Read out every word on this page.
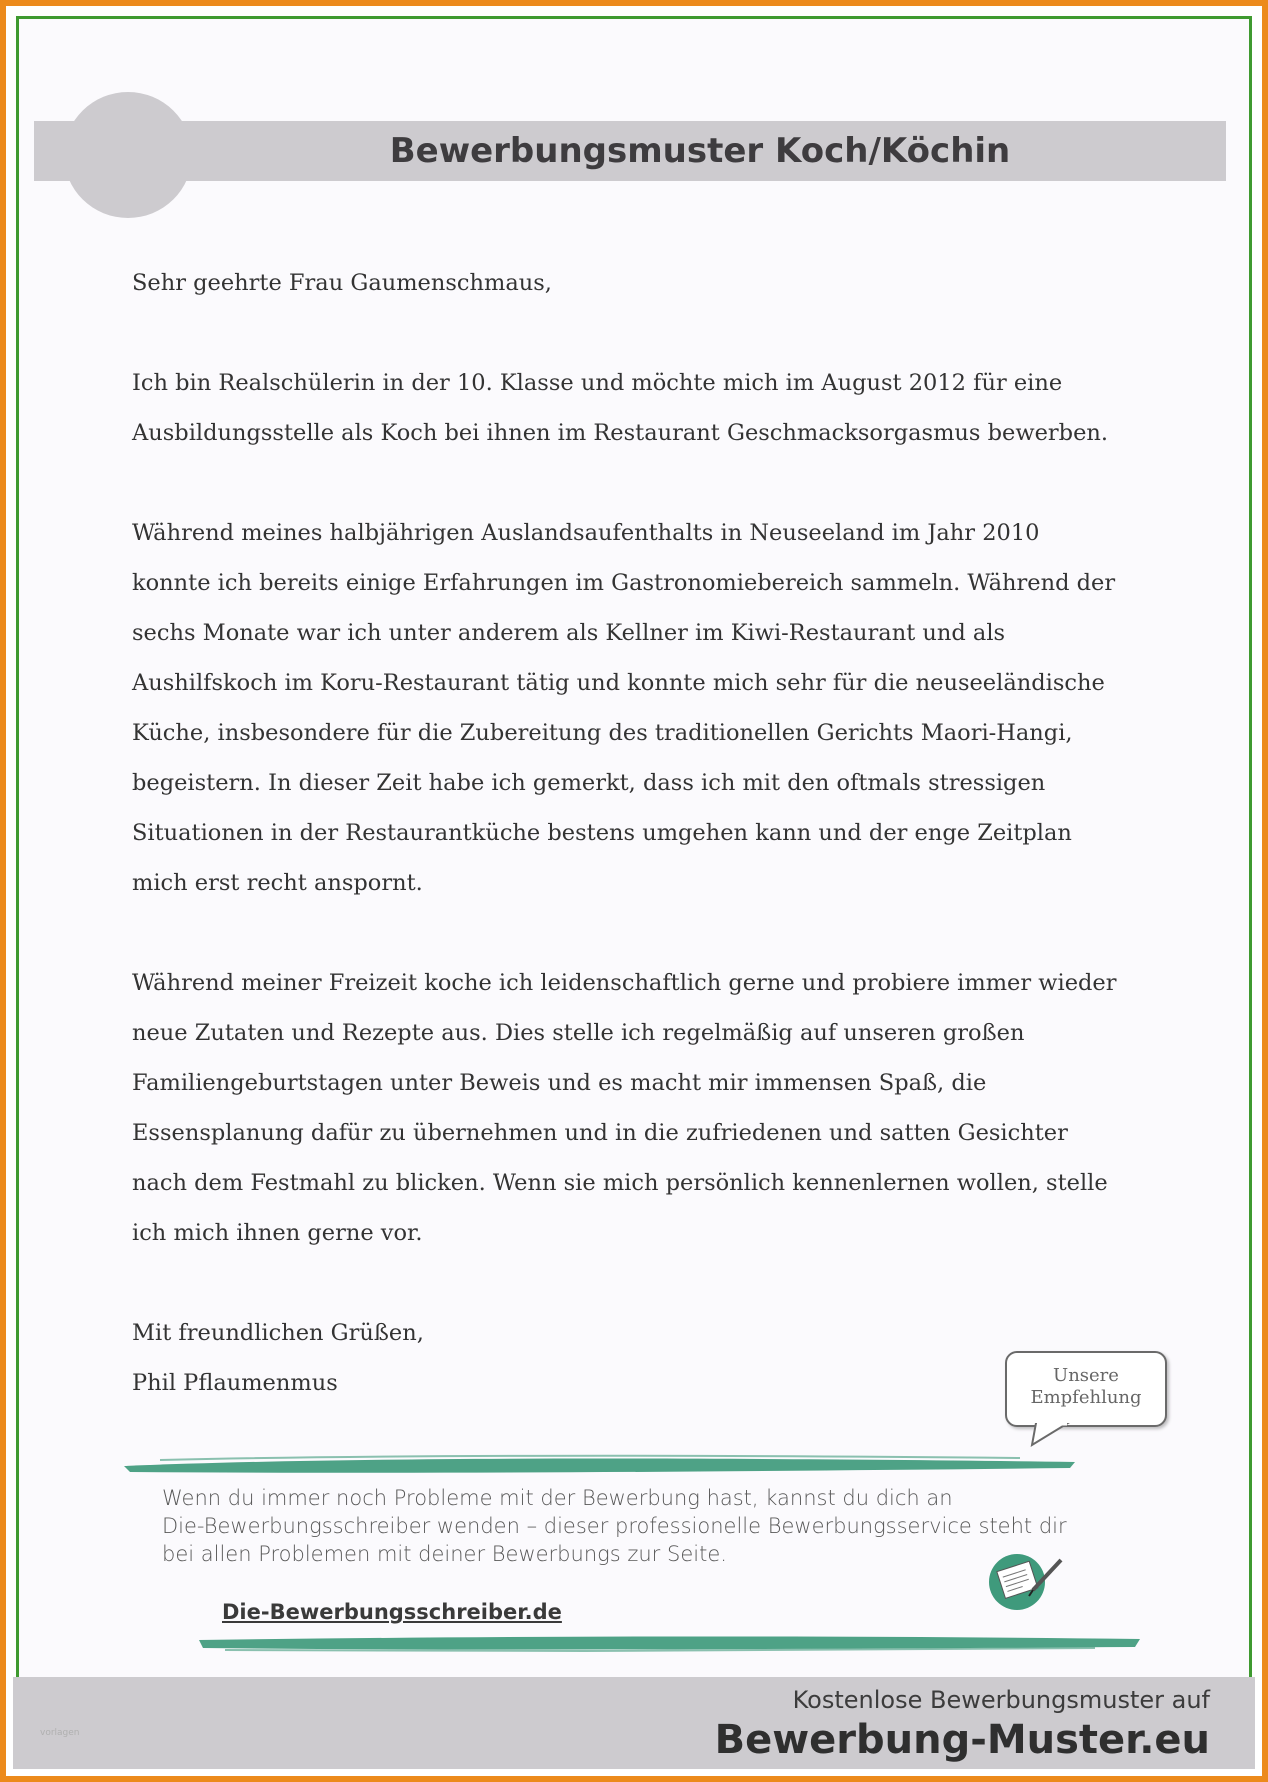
Bewerbungsmuster Koch/Köchin

Sehr geehrte Frau Gaumenschmaus,

Ich bin Realschülerin in der 10. Klasse und möchte mich im August 2012 für eine

Ausbildungsstelle als Koch bei ihnen im Restaurant Geschmacksorgasmus bewerben.

Während meines halbjährigen Auslandsaufenthalts in Neuseeland im Jahr 2010

konnte ich bereits einige Erfahrungen im Gastronomiebereich sammeln. Während der

sechs Monate war ich unter anderem als Kellner im Kiwi-Restaurant und als

Aushilfskoch im Koru-Restaurant tätig und konnte mich sehr für die neuseeländische

Küche, insbesondere für die Zubereitung des traditionellen Gerichts Maori-Hangi,

begeistern. In dieser Zeit habe ich gemerkt, dass ich mit den oftmals stressigen

Situationen in der Restaurantküche bestens umgehen kann und der enge Zeitplan

mich erst recht anspornt.

Während meiner Freizeit koche ich leidenschaftlich gerne und probiere immer wieder

neue Zutaten und Rezepte aus. Dies stelle ich regelmäßig auf unseren großen

Familiengeburtstagen unter Beweis und es macht mir immensen Spaß, die

Essensplanung dafür zu übernehmen und in die zufriedenen und satten Gesichter

nach dem Festmahl zu blicken. Wenn sie mich persönlich kennenlernen wollen, stelle

ich mich ihnen gerne vor.

Mit freundlichen Grüßen,

Phil Pflaumenmus	Unsere
Empfehlung
Wenn du immer noch Probleme mit der Bewerbung hast, kannst du dich an
Die-Bewerbungsschreiber wenden – dieser professionelle Bewerbungsservice steht dir
bei allen Problemen mit deiner Bewerbungs zur Seite.
Die-Bewerbungsschreiber.de
Kostenlose Bewerbungsmuster auf
Bewerbung-Muster.eu
vorlagen
